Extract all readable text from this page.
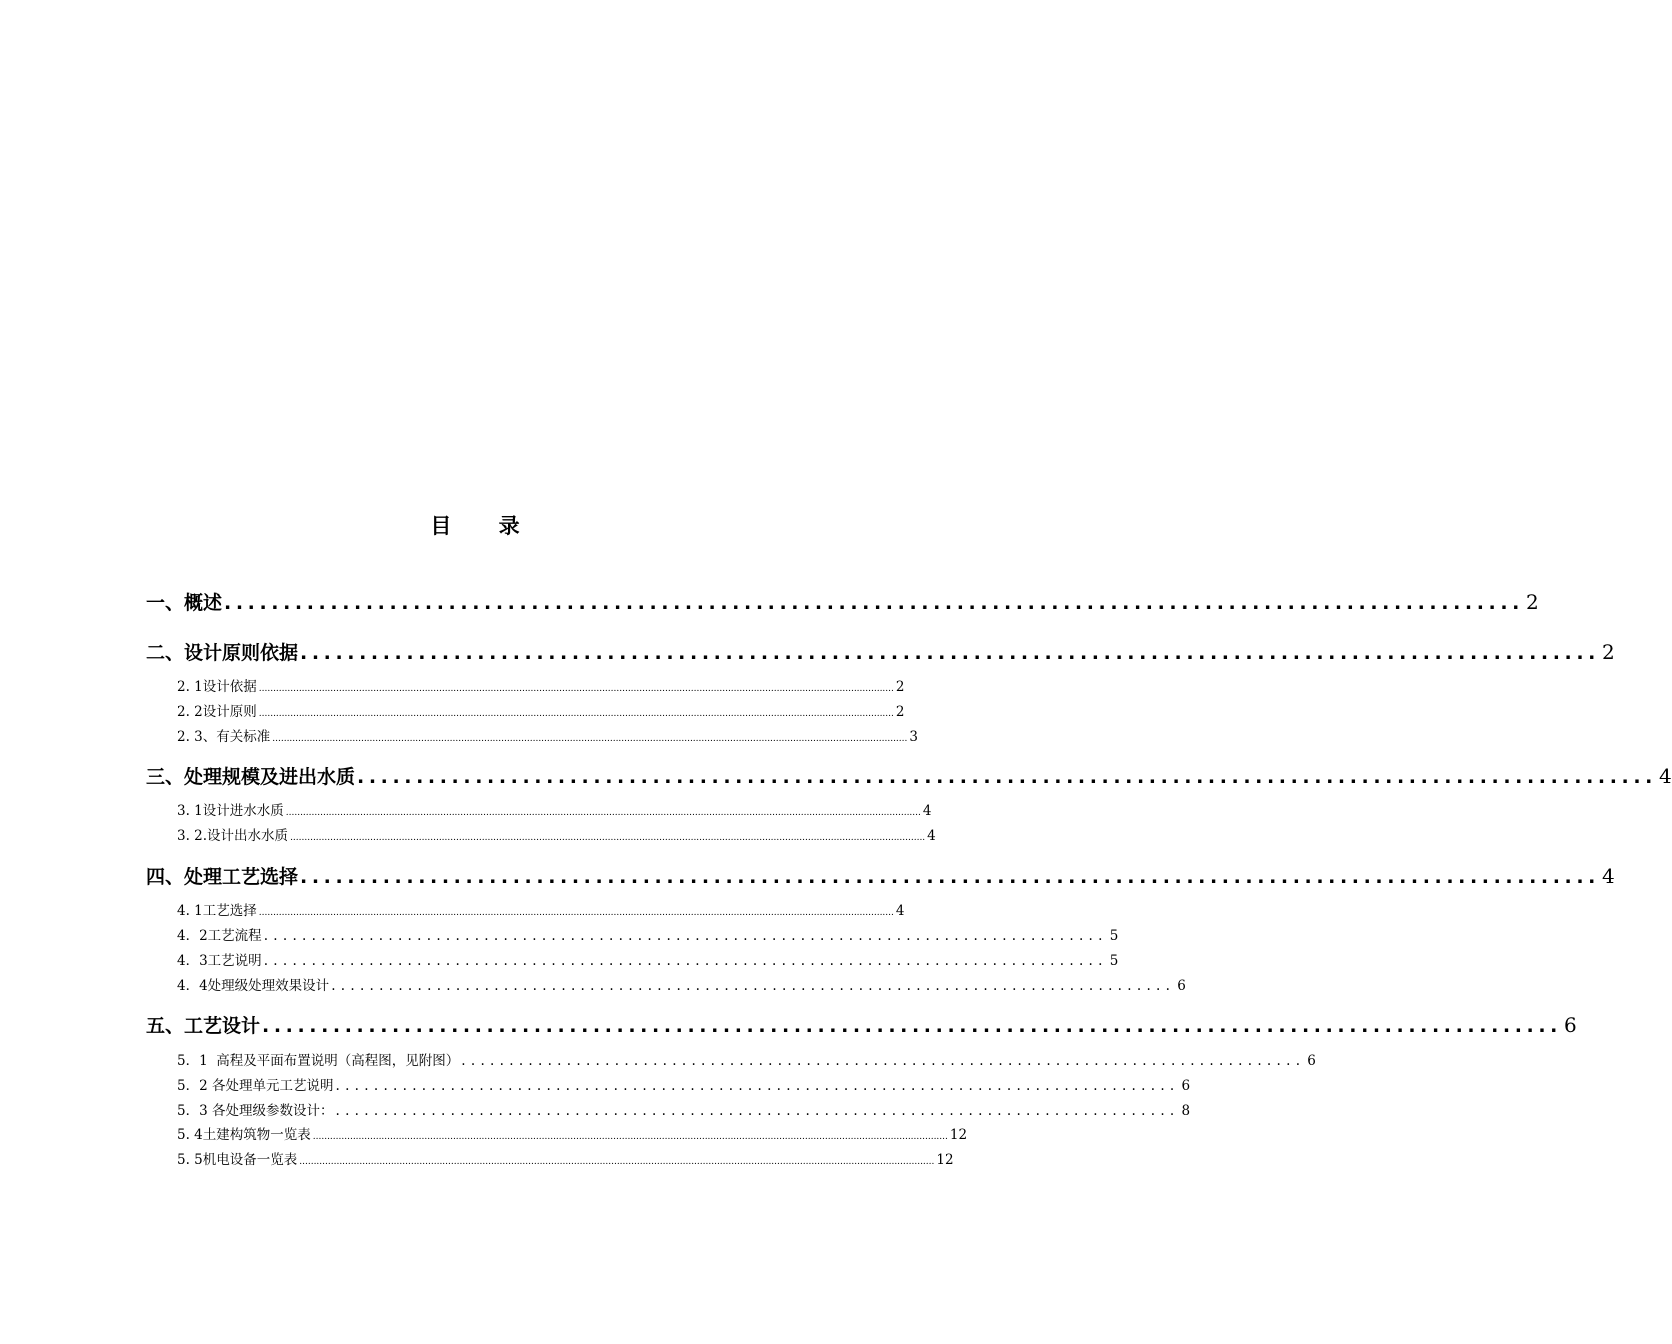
目 录
一、概述 .............................................................................................................. 2
二、设计原则依据 .............................................................................................................. 2
2. 1设计依据 .............................................................................................................................................................................................................................. 2
2. 2设计原则 .............................................................................................................................................................................................................................. 2
2. 3、有关标准 .............................................................................................................................................................................................................................. 3
三、处理规模及进出水质 .............................................................................................................. 4
3. 1设计进水水质 .............................................................................................................................................................................................................................. 4
3. 2.设计出水水质 .............................................................................................................................................................................................................................. 4
四、处理工艺选择 .............................................................................................................. 4
4. 1工艺选择 .............................................................................................................................................................................................................................. 4
4．2工艺流程 ........................................................................................ 5
4．3工艺说明 ........................................................................................ 5
4．4处理级处理效果设计 ........................................................................................ 6
五、工艺设计 .............................................................................................................. 6
5．1  高程及平面布置说明（高程图，见附图） ........................................................................................ 6
5．2 各处理单元工艺说明 ........................................................................................ 6
5．3 各处理级参数设计： ........................................................................................ 8
5. 4土建构筑物一览表 .............................................................................................................................................................................................................................. 12
5. 5机电设备一览表 .............................................................................................................................................................................................................................. 12
